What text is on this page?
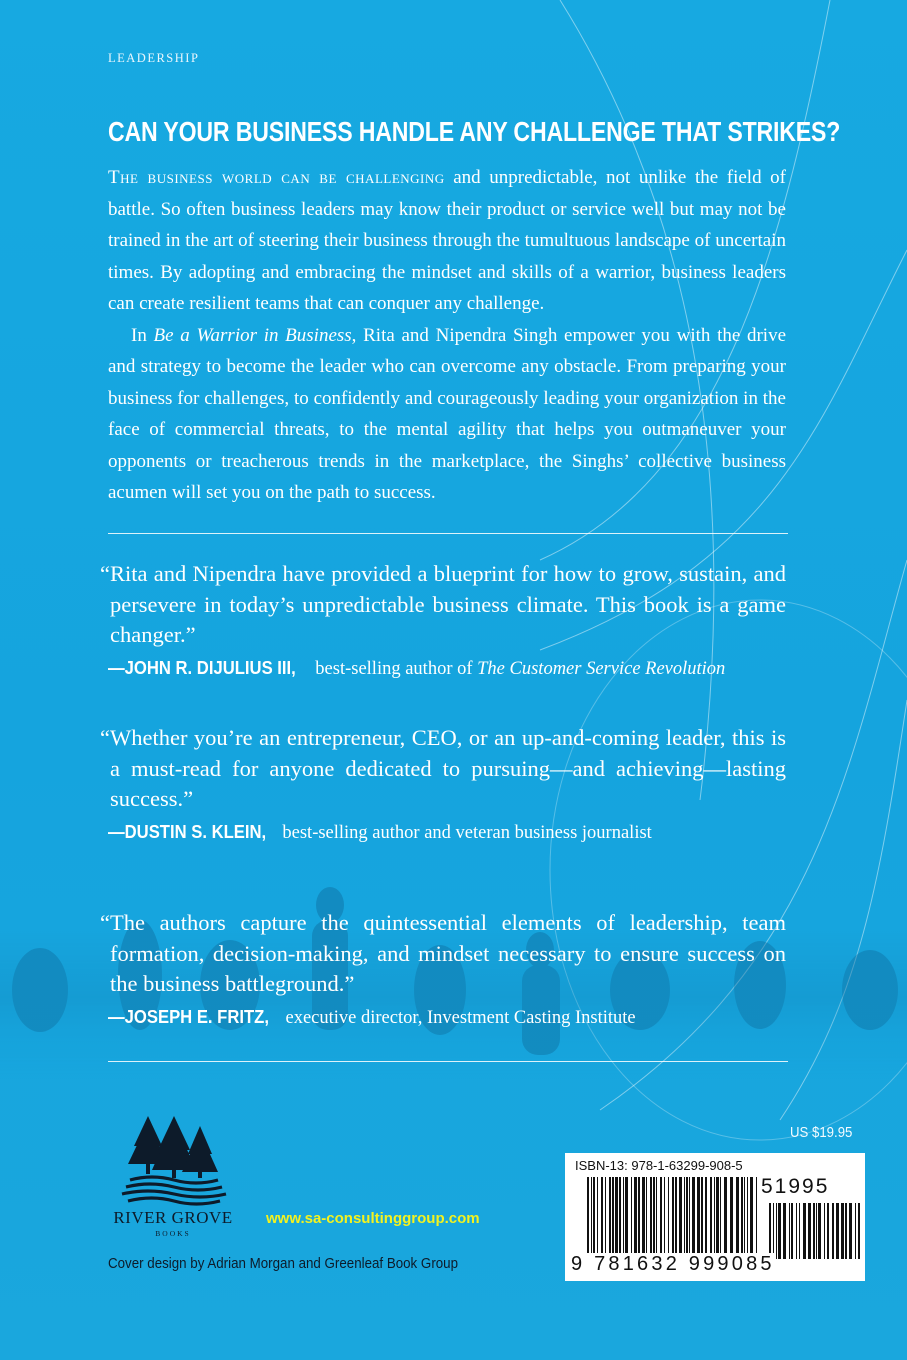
LEADERSHIP
CAN YOUR BUSINESS HANDLE ANY CHALLENGE THAT STRIKES?

The business world can be challenging and unpredictable, not unlike the field of battle. So often business leaders may know their product or service well but may not be trained in the art of steering their business through the tumultuous landscape of uncertain times. By adopting and embracing the mindset and skills of a warrior, business leaders can create resilient teams that can conquer any challenge.

In Be a Warrior in Business, Rita and Nipendra Singh empower you with the drive and strategy to become the leader who can overcome any obstacle. From preparing your business for challenges, to confidently and courageously leading your organization in the face of commercial threats, to the mental agility that helps you outmaneuver your opponents or treacherous trends in the marketplace, the Singhs’ collective business acumen will set you on the path to success.

“Rita and Nipendra have provided a blueprint for how to grow, sustain, and persevere in today’s unpredictable business climate. This book is a game changer.”
—JOHN R. DIJULIUS III, best-selling author of The Customer Service Revolution
“Whether you’re an entrepreneur, CEO, or an up-and-coming leader, this is a must-read for anyone dedicated to pursuing—and achieving—lasting success.”
—DUSTIN S. KLEIN, best-selling author and veteran business journalist
“The authors capture the quintessential elements of leadership, team formation, decision-making, and mindset necessary to ensure success on the business battleground.”
—JOSEPH E. FRITZ, executive director, Investment Casting Institute
US $19.95
ISBN-13: 978-1-63299-908-5
51995
9 781632 999085
RIVER GROVE
BOOKS
www.sa-consultinggroup.com
Cover design by Adrian Morgan and Greenleaf Book Group
